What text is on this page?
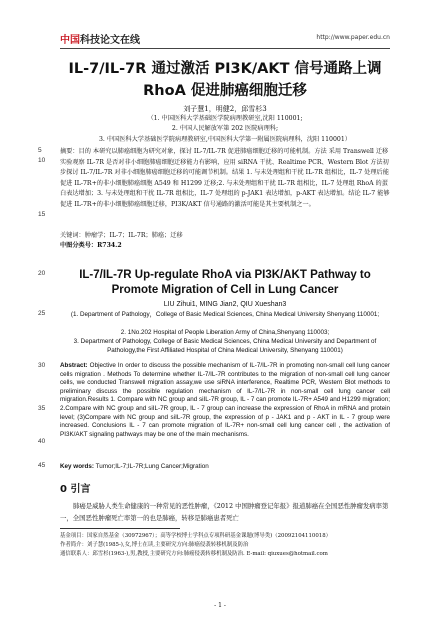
中国科技论文在线	http://www.paper.edu.cn
IL-7/IL-7R 通过激活 PI3K/AKT 信号通路上调 RhoA 促进肺癌细胞迁移
刘子慧1，明健2，邱雪杉3
（1. 中国医科大学基础医学院病理教研室,沈阳 110001;
2. 中国人民解放军第 202 医院病理科;
3. 中国医科大学基础医学院病理教研室,中国医科大学第一附属医院病理科，沈阳 110001）
摘要：目的 本研究以肺癌细胞为研究对象，探讨 IL-7/IL-7R 促进肺癌细胞迁移的可能机制。方法 采用 Transwell 迁移实验观察 IL-7R 是否对非小细胞肺癌细胞迁移能力有影响，应用 siRNA 干扰、Realtime PCR、Western Blot 方法初步探讨 IL-7/IL-7R 对非小细胞肺癌细胞迁移的可能调节机制。结果 1. 与未处理组和干扰 IL-7R 组相比，IL-7 处理后能促进 IL-7R+的非小细胞肺癌细胞 A549 和 H1299 迁移;2. 与未处理组和干扰 IL-7R 组相比，IL-7 处理组 RhoA 的蛋白表达增加；3. 与未处理组和干扰 IL-7R 组相比，IL-7 处理组的 p-JAK1 表达增加，p-AKT 表达增加。结论 IL-7 能够促进 IL-7R+的非小细胞肺癌细胞迁移，PI3K/AKT 信号通路的激活可能是其主要机制之一。
关键词：肿瘤学；IL-7；IL-7R；肺癌；迁移
中图分类号：R734.2
IL-7/IL-7R Up-regulate RhoA via PI3K/AKT Pathway to Promote Migration of Cell in Lung Cancer
LIU Zihui1, MING Jian2, QIU Xueshan3
(1. Department of Pathology，College of Basic Medical Sciences, China Medical University Shenyang 110001;
2. 1No.202 Hospital of People Liberation Army of China,Shenyang 110003;
3. Department of Pathology, College of Basic Medical Sciences, China Medical University and Department of Pathology,the First Affiliated Hospital of China Medical University, Shenyang 110001)
Abstract: Objective In order to discuss the possible mechanism of IL-7/IL-7R in promoting non-small cell lung cancer cells migration . Methods To determine whether IL-7/IL-7R contributes to the migration of non-small cell lung cancer cells, we conducted Transwell migration assay,we use siRNA interference, Realtime PCR, Western Blot methods to preliminary discuss the possible regulation mechanism of IL-7/IL-7R in non-small cell lung cancer cell migration.Results 1. Compare with NC group and siIL-7R group, IL - 7 can promote IL-7R+ A549 and H1299 migration; 2.Compare with NC group and siIL-7R group, IL - 7 group can increase the expression of RhoA in mRNA and protein level; (3)Compare with NC group and siIL-7R group, the expression of p - JAK1 and p - AKT in IL - 7 group were increased. Conclusions IL - 7 can promote migration of IL-7R+ non-small cell lung cancer cell , the activation of PI3K/AKT signaling pathways may be one of the main mechanisms.
Key words: Tumor;IL-7;IL-7R;Lung Cancer;Migration
0 引言
肺癌是威胁人类生命健康的一种常见的恶性肿瘤，《2012 中国肿瘤登记年报》报道肺癌在全国恶性肿瘤发病率第一，全国恶性肿瘤死亡率第一的也是肺癌，转移是肺癌患者死亡
基金项目：国家自然基金（30972967）；高等学校博士学科点专项科研基金课题(博导类)（20092104110018）
作者简介：刘子慧(1985-),女,博士在读,主要研究方向:肺癌侵袭转移机制及防治
通信联系人：邱雪杉(1963-),男,教授,主要研究方向:肺癌侵袭转移机制及防治. E-mail: qiuxues@hotmail.com
- 1 -
5
10
15
20
25
30
35
40
45
